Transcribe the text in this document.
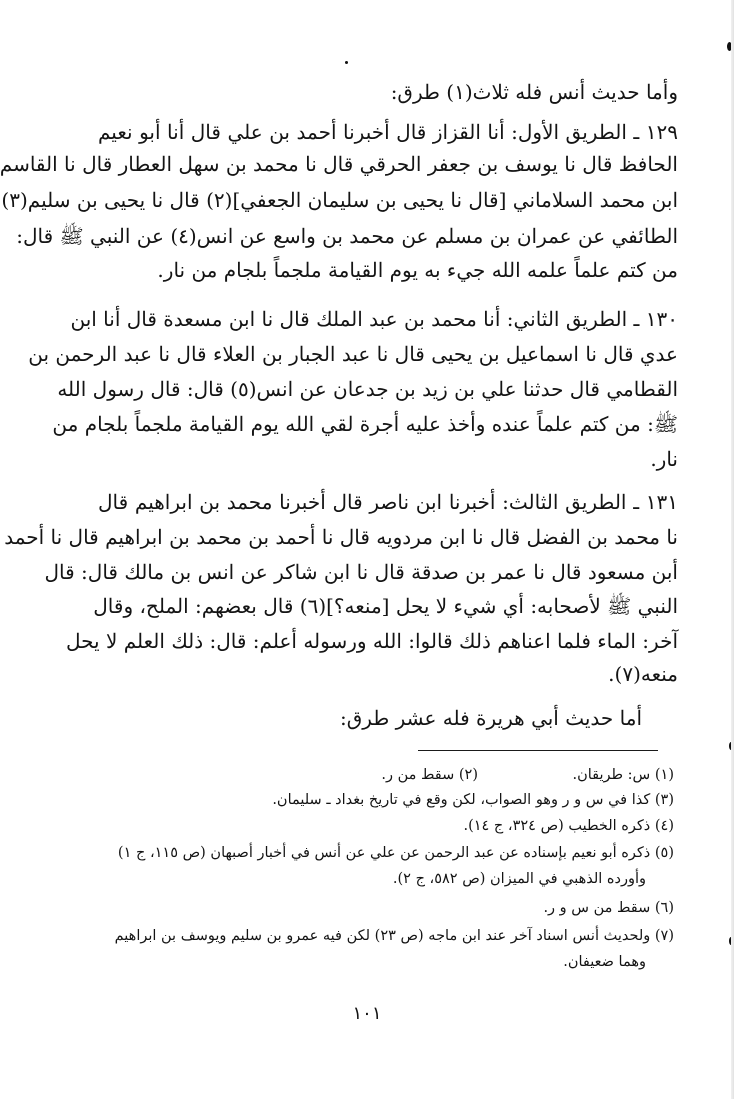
وأما حديث أنس فله ثلاث(١) طرق:
١٢٩ ـ الطريق الأول: أنا القزاز قال أخبرنا أحمد بن علي قال أنا أبو نعيم
الحافظ قال نا يوسف بن جعفر الحرقي قال نا محمد بن سهل العطار قال نا القاسم
ابن محمد السلاماني [قال نا يحيى بن سليمان الجعفي](٢) قال نا يحيى بن سليم(٣)
الطائفي عن عمران بن مسلم عن محمد بن واسع عن انس(٤) عن النبي ﷺ قال:
من كتم علماً علمه الله جيء به يوم القيامة ملجماً بلجام من نار.
١٣٠ ـ الطريق الثاني: أنا محمد بن عبد الملك قال نا ابن مسعدة قال أنا ابن
عدي قال نا اسماعيل بن يحيى قال نا عبد الجبار بن العلاء قال نا عبد الرحمن بن
القطامي قال حدثنا علي بن زيد بن جدعان عن انس(٥) قال: قال رسول الله
ﷺ: من كتم علماً عنده وأخذ عليه أجرة لقي الله يوم القيامة ملجماً بلجام من
نار.
١٣١ ـ الطريق الثالث: أخبرنا ابن ناصر قال أخبرنا محمد بن ابراهيم قال
نا محمد بن الفضل قال نا ابن مردويه قال نا أحمد بن محمد بن ابراهيم قال نا أحمد
أبن مسعود قال نا عمر بن صدقة قال نا ابن شاكر عن انس بن مالك قال: قال
النبي ﷺ لأصحابه: أي شيء لا يحل [منعه؟](٦) قال بعضهم: الملح، وقال
آخر: الماء فلما اعناهم ذلك قالوا: الله ورسوله أعلم: قال: ذلك العلم لا يحل
منعه(٧).
أما حديث أبي هريرة فله عشر طرق:
(١) س: طريقان.
(٢) سقط من ر.
(٣) كذا في س و ر وهو الصواب، لكن وقع في تاريخ بغداد ـ سليمان.
(٤) ذكره الخطيب (ص ٣٢٤، ج ١٤).
(٥) ذكره أبو نعيم بإسناده عن عبد الرحمن عن علي عن أنس في أخبار أصبهان (ص ١١٥، ج ١)
وأورده الذهبي في الميزان (ص ٥٨٢، ج ٢).
(٦) سقط من س و ر.
(٧) ولحديث أنس اسناد آخر عند ابن ماجه (ص ٢٣) لكن فيه عمرو بن سليم ويوسف بن ابراهيم
وهما ضعيفان.
١٠١
